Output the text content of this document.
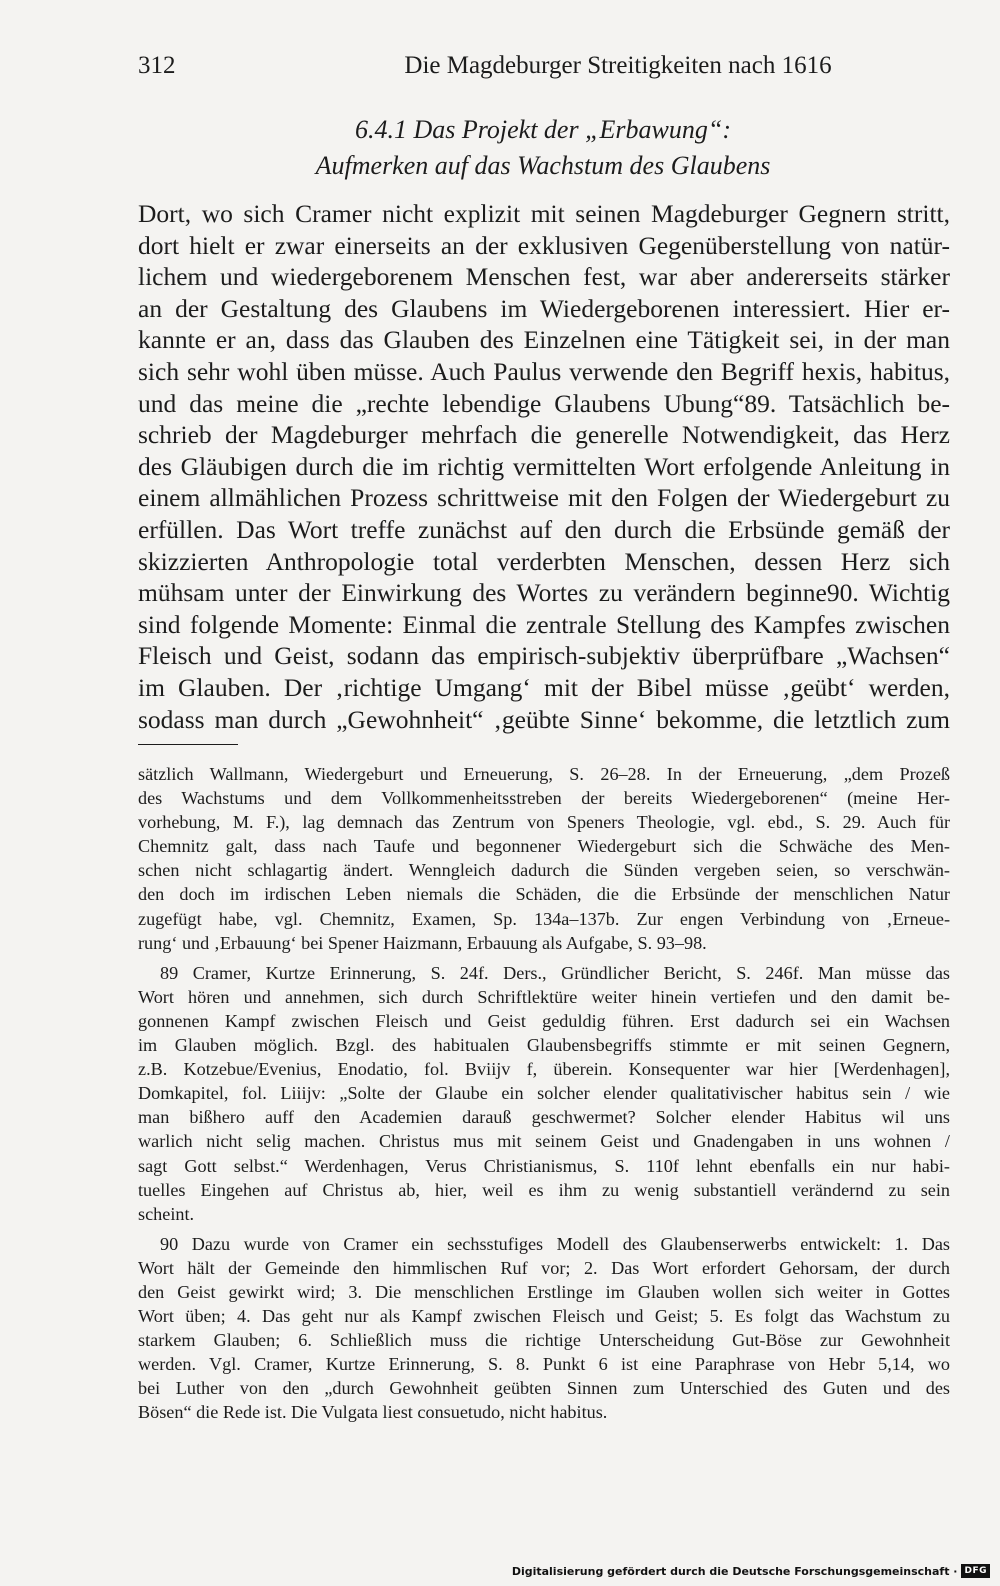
312	Die Magdeburger Streitigkeiten nach 1616
6.4.1 Das Projekt der „Erbawung“:
Aufmerken auf das Wachstum des Glaubens
Dort, wo sich Cramer nicht explizit mit seinen Magdeburger Gegnern stritt,
dort hielt er zwar einerseits an der exklusiven Gegenüberstellung von natür-
lichem und wiedergeborenem Menschen fest, war aber andererseits stärker
an der Gestaltung des Glaubens im Wiedergeborenen interessiert. Hier er-
kannte er an, dass das Glauben des Einzelnen eine Tätigkeit sei, in der man
sich sehr wohl üben müsse. Auch Paulus verwende den Begriff hexis, habitus,
und das meine die „rechte lebendige Glaubens Ubung“89. Tatsächlich be-
schrieb der Magdeburger mehrfach die generelle Notwendigkeit, das Herz
des Gläubigen durch die im richtig vermittelten Wort erfolgende Anleitung in
einem allmählichen Prozess schrittweise mit den Folgen der Wiedergeburt zu
erfüllen. Das Wort treffe zunächst auf den durch die Erbsünde gemäß der
skizzierten Anthropologie total verderbten Menschen, dessen Herz sich
mühsam unter der Einwirkung des Wortes zu verändern beginne90. Wichtig
sind folgende Momente: Einmal die zentrale Stellung des Kampfes zwischen
Fleisch und Geist, sodann das empirisch-subjektiv überprüfbare „Wachsen“
im Glauben. Der ‚richtige Umgang‘ mit der Bibel müsse ‚geübt‘ werden,
sodass man durch „Gewohnheit“ ‚geübte Sinne‘ bekomme, die letztlich zum
sätzlich Wallmann, Wiedergeburt und Erneuerung, S. 26–28. In der Erneuerung, „dem Prozeß
des Wachstums und dem Vollkommenheitsstreben der bereits Wiedergeborenen“ (meine Her-
vorhebung, M. F.), lag demnach das Zentrum von Speners Theologie, vgl. ebd., S. 29. Auch für
Chemnitz galt, dass nach Taufe und begonnener Wiedergeburt sich die Schwäche des Men-
schen nicht schlagartig ändert. Wenngleich dadurch die Sünden vergeben seien, so verschwän-
den doch im irdischen Leben niemals die Schäden, die die Erbsünde der menschlichen Natur
zugefügt habe, vgl. Chemnitz, Examen, Sp. 134a–137b. Zur engen Verbindung von ‚Erneue-
rung‘ und ‚Erbauung‘ bei Spener Haizmann, Erbauung als Aufgabe, S. 93–98.
89 Cramer, Kurtze Erinnerung, S. 24f. Ders., Gründlicher Bericht, S. 246f. Man müsse das
Wort hören und annehmen, sich durch Schriftlektüre weiter hinein vertiefen und den damit be-
gonnenen Kampf zwischen Fleisch und Geist geduldig führen. Erst dadurch sei ein Wachsen
im Glauben möglich. Bzgl. des habitualen Glaubensbegriffs stimmte er mit seinen Gegnern,
z.B. Kotzebue/Evenius, Enodatio, fol. Bviijv f, überein. Konsequenter war hier [Werdenhagen],
Domkapitel, fol. Liiijv: „Solte der Glaube ein solcher elender qualitativischer habitus sein / wie
man bißhero auff den Academien darauß geschwermet? Solcher elender Habitus wil uns
warlich nicht selig machen. Christus mus mit seinem Geist und Gnadengaben in uns wohnen /
sagt Gott selbst.“ Werdenhagen, Verus Christianismus, S. 110f lehnt ebenfalls ein nur habi-
tuelles Eingehen auf Christus ab, hier, weil es ihm zu wenig substantiell verändernd zu sein
scheint.
90 Dazu wurde von Cramer ein sechsstufiges Modell des Glaubenserwerbs entwickelt: 1. Das
Wort hält der Gemeinde den himmlischen Ruf vor; 2. Das Wort erfordert Gehorsam, der durch
den Geist gewirkt wird; 3. Die menschlichen Erstlinge im Glauben wollen sich weiter in Gottes
Wort üben; 4. Das geht nur als Kampf zwischen Fleisch und Geist; 5. Es folgt das Wachstum zu
starkem Glauben; 6. Schließlich muss die richtige Unterscheidung Gut-Böse zur Gewohnheit
werden. Vgl. Cramer, Kurtze Erinnerung, S. 8. Punkt 6 ist eine Paraphrase von Hebr 5,14, wo
bei Luther von den „durch Gewohnheit geübten Sinnen zum Unterschied des Guten und des
Bösen“ die Rede ist. Die Vulgata liest consuetudo, nicht habitus.
Digitalisierung gefördert durch die Deutsche Forschungsgemeinschaft · DFG
